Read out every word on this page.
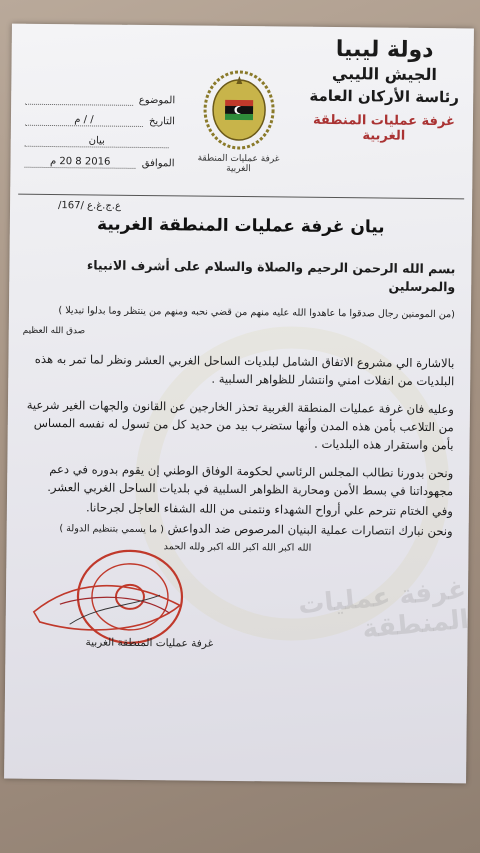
غرفة عمليات المنطقة
دولة ليبيا
الجيش الليبي
رئاسة الأركان العامة
غرفة عمليات المنطقة الغربية
غرفة عمليات المنطقة الغربية
الموضوع
التاريخ
/ / م
بيان
الموافق
2016 8 20 م
ع.ج.غ.ع /167/
بيان غرفة عمليات المنطقة الغربية

بسم الله الرحمن الرحيم والصلاة والسلام على أشرف الانبياء والمرسلين

(من المومنين رجال صدقوا ما عاهدوا الله عليه منهم من قضي نحبه ومنهم من ينتظر وما بدلوا تبديلا )

صدق الله العظيم

بالاشارة الي مشروع الاتفاق الشامل لبلديات الساحل الغربي العشر ونظر لما تمر به هذه البلديات من انفلات امني وانتشار للظواهر السلبية .

وعليه فان غرفة عمليات المنطقة الغربية تحذر الخارجين عن القانون والجهات الغير شرعية من التلاعب بأمن هذه المدن وأنها ستضرب بيد من حديد كل من تسول له نفسه المساس بأمن واستقرار هذه البلديات .

ونحن بدورنا نطالب المجلس الرئاسي لحكومة الوفاق الوطني إن يقوم بدوره في دعم مجهوداتنا في بسط الأمن ومحاربة الظواهر السلبية في بلديات الساحل الغربي العشر.

وفي الختام نترحم علي أرواح الشهداء ونتمنى من الله الشفاء العاجل لجرحانا.

ونحن نبارك انتصارات عملية البنيان المرصوص ضد الدواعش ( ما يسمي بتنظيم الدولة )

الله اكبر الله اكبر الله اكبر ولله الحمد
غرفة عمليات المنطقة الغربية
